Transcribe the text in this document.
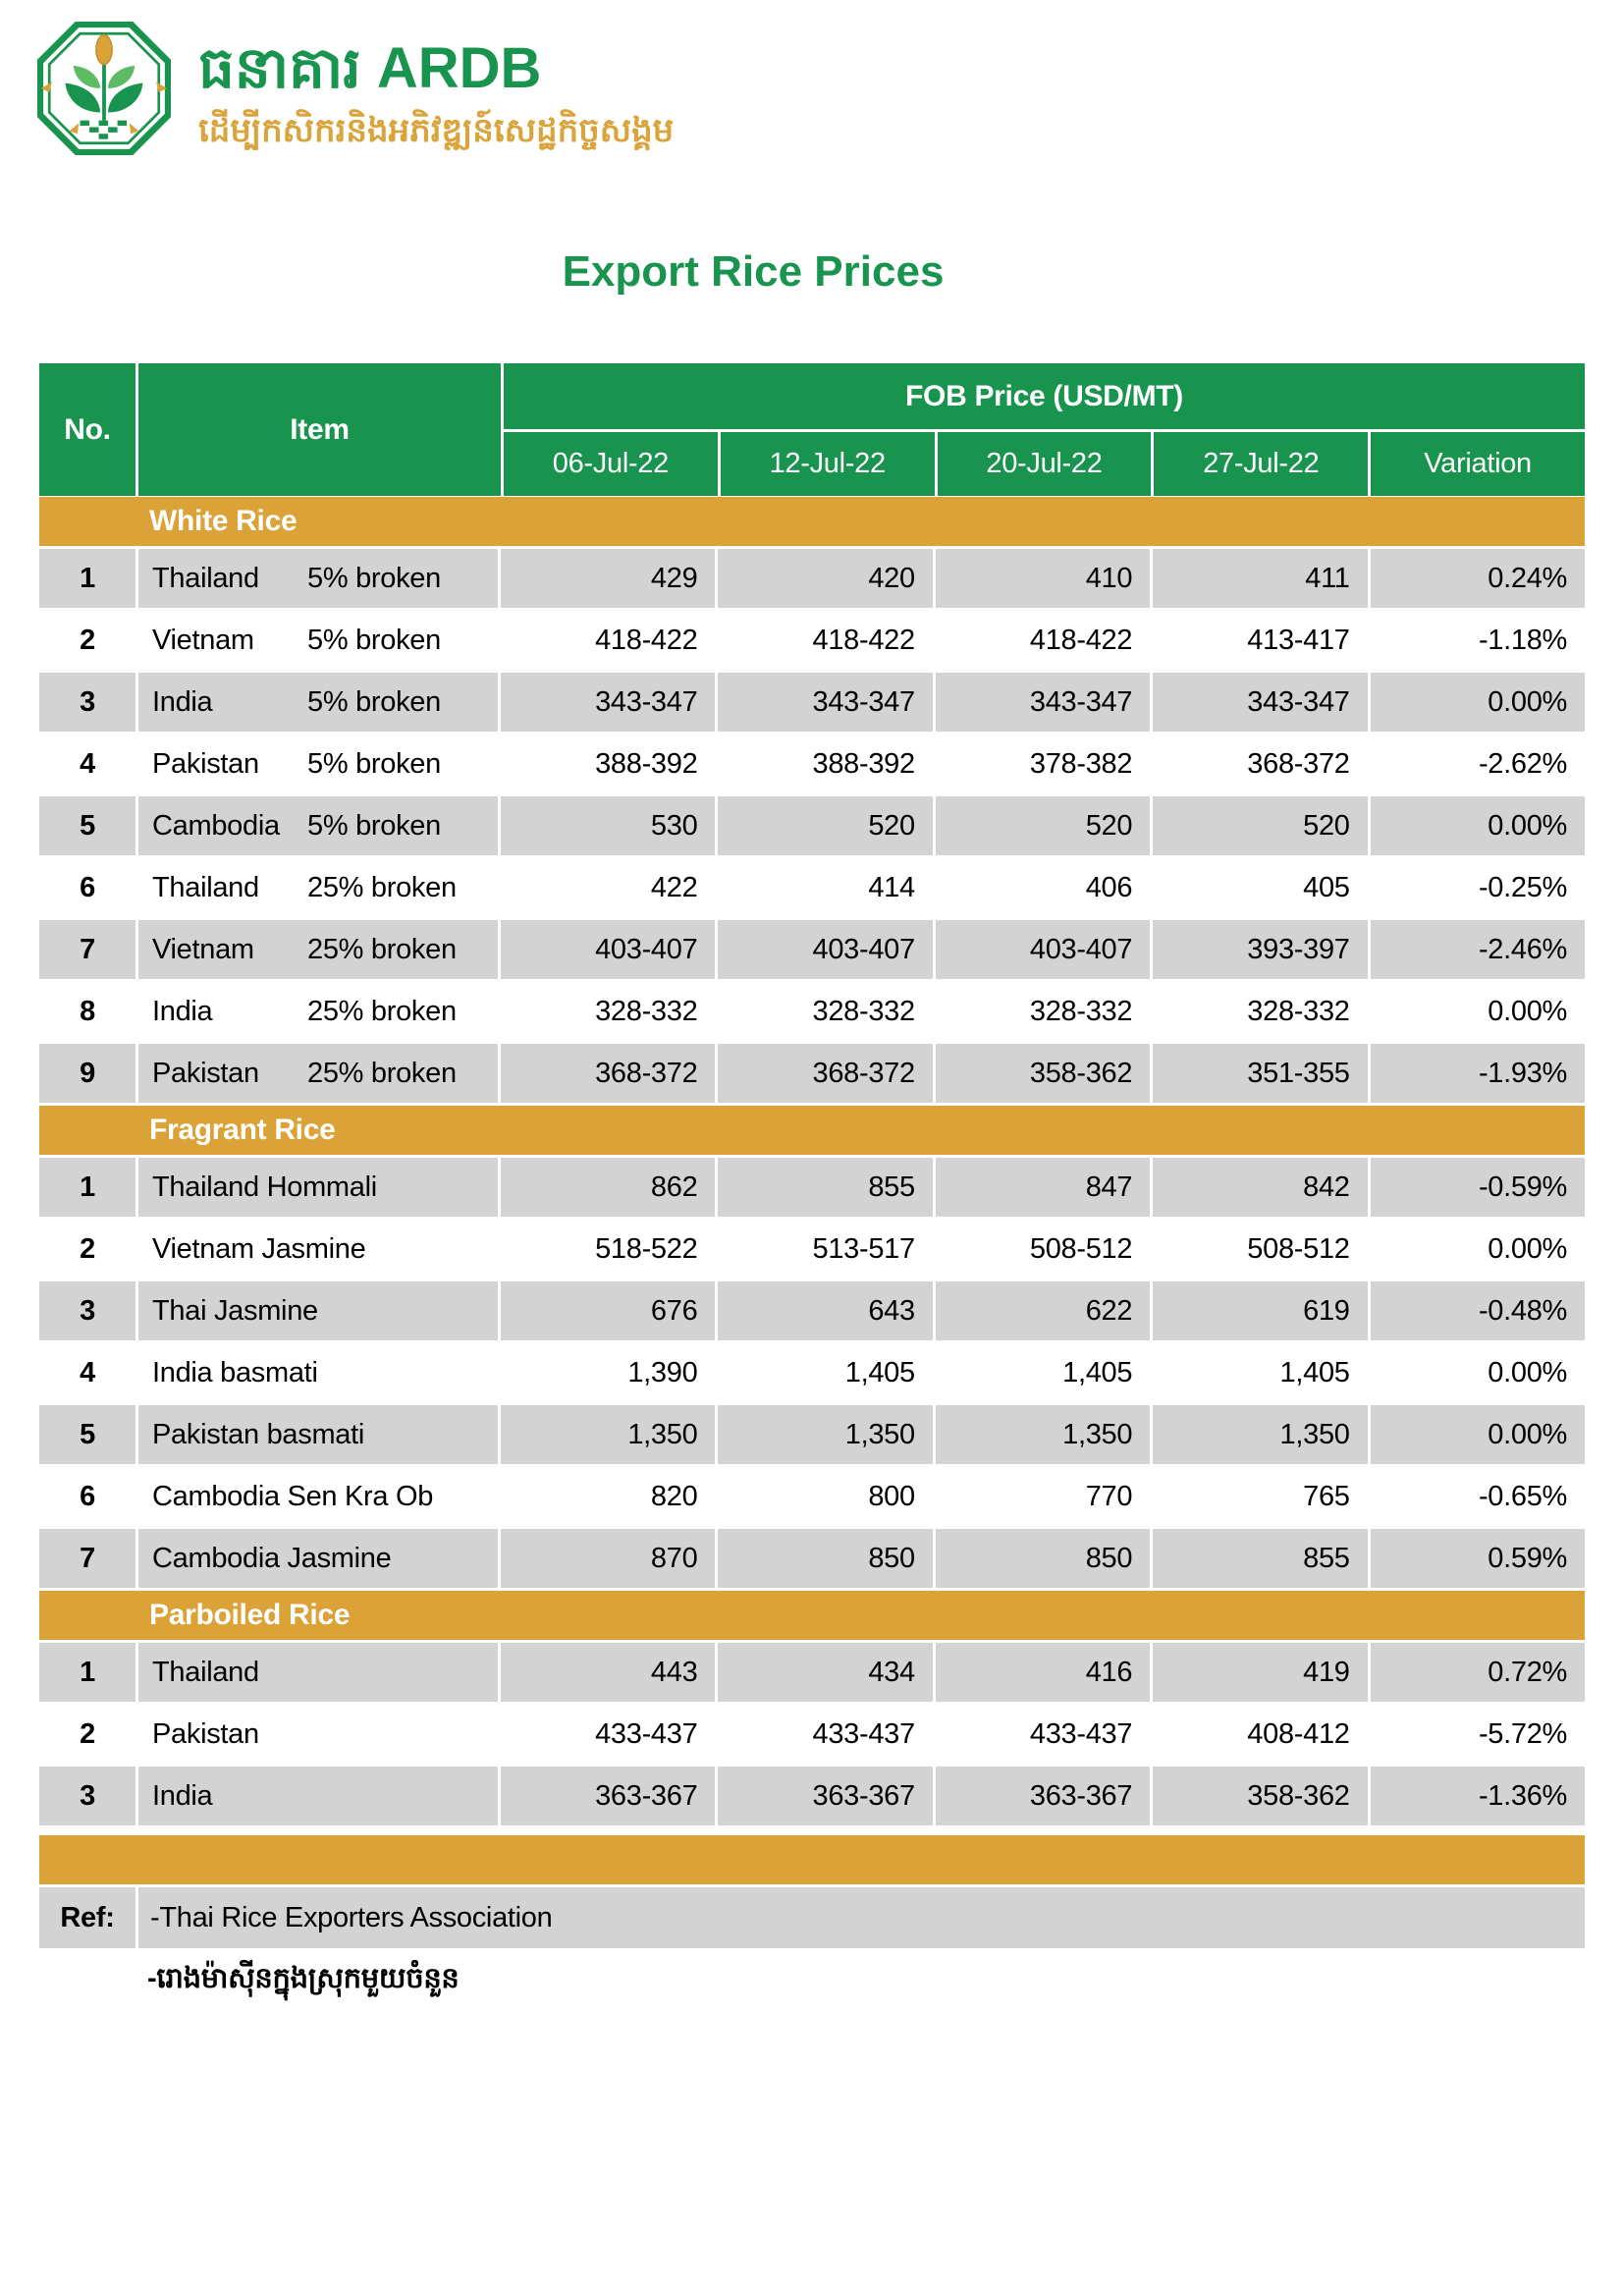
ធនាគារ ARDB
ដើម្បីកសិករនិងអភិវឌ្ឍន៍សេដ្ឋកិច្ចសង្គម
Export Rice Prices
No.	Item
FOB Price (USD/MT)
06-Jul-22	12-Jul-22	20-Jul-22	27-Jul-22	Variation
White Rice
1	Thailand	5% broken	429	420	410	411	0.24%
2	Vietnam	5% broken	418-422	418-422	418-422	413-417	-1.18%
3	India	5% broken	343-347	343-347	343-347	343-347	0.00%
4	Pakistan	5% broken	388-392	388-392	378-382	368-372	-2.62%
5	Cambodia 5% broken	530	520	520	520	0.00%
6	Thailand	25% broken	422	414	406	405	-0.25%
7	Vietnam	25% broken	403-407	403-407	403-407	393-397	-2.46%
8	India	25% broken	328-332	328-332	328-332	328-332	0.00%
9	Pakistan	25% broken	368-372	368-372	358-362	351-355	-1.93%
Fragrant Rice
1	Thailand Hommali	862	855	847	842	-0.59%
2	Vietnam Jasmine	518-522	513-517	508-512	508-512	0.00%
3	Thai Jasmine	676	643	622	619	-0.48%
4	India basmati	1,390	1,405	1,405	1,405	0.00%
5	Pakistan basmati	1,350	1,350	1,350	1,350	0.00%
6	Cambodia Sen Kra Ob	820	800	770	765	-0.65%
7	Cambodia Jasmine	870	850	850	855	0.59%
Parboiled Rice
1	Thailand	443	434	416	419	0.72%
2	Pakistan	433-437	433-437	433-437	408-412	-5.72%
3	India	363-367	363-367	363-367	358-362	-1.36%
Ref:	-Thai Rice Exporters Association
-រោងម៉ាស៊ីនក្នុងស្រុកមួយចំនួន
